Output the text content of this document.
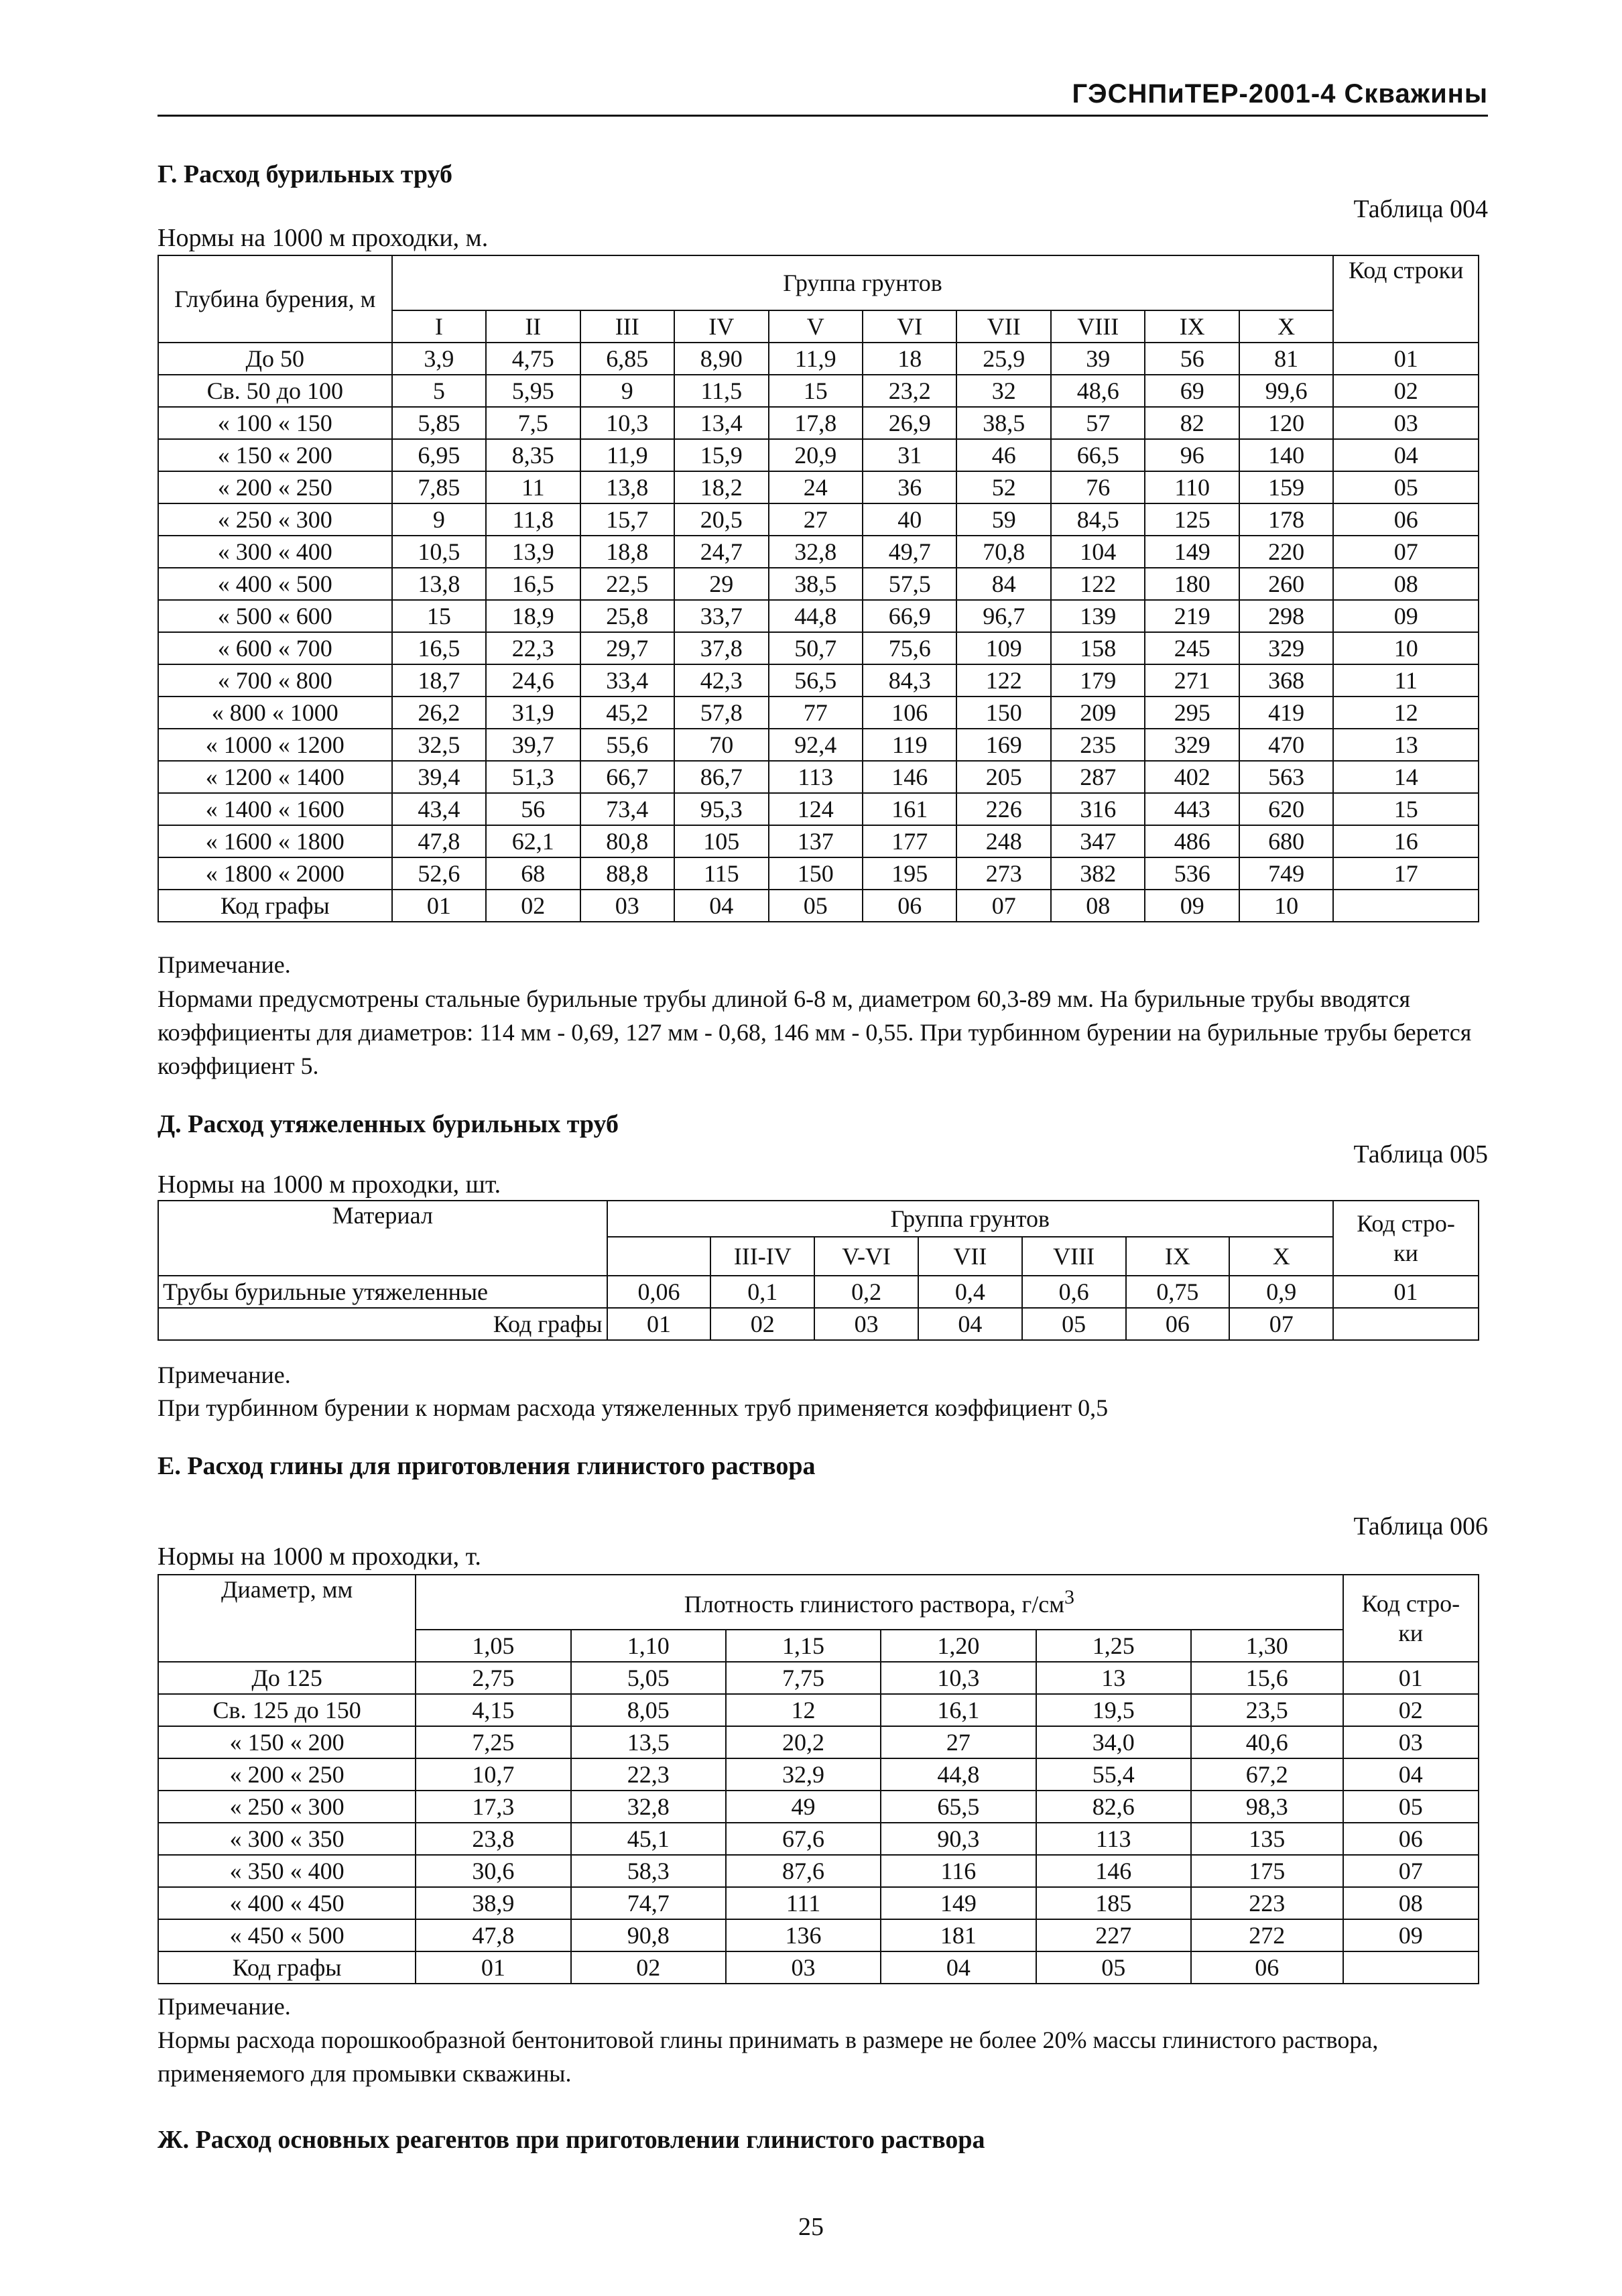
ГЭСНПиТЕР-2001-4 Скважины
Г. Расход бурильных труб
Таблица 004
Нормы на 1000 м проходки, м.
Глубина бурения, м	Группа грунтов										Код строки
	I	II	III	IV	V	VI	VII	VIII	IX	X	
До 50	3,9	4,75	6,85	8,90	11,9	18	25,9	39	56	81	01
Св. 50 до 100	5	5,95	9	11,5	15	23,2	32	48,6	69	99,6	02
« 100 « 150	5,85	7,5	10,3	13,4	17,8	26,9	38,5	57	82	120	03
« 150 « 200	6,95	8,35	11,9	15,9	20,9	31	46	66,5	96	140	04
« 200 « 250	7,85	11	13,8	18,2	24	36	52	76	110	159	05
« 250 « 300	9	11,8	15,7	20,5	27	40	59	84,5	125	178	06
« 300 « 400	10,5	13,9	18,8	24,7	32,8	49,7	70,8	104	149	220	07
« 400 « 500	13,8	16,5	22,5	29	38,5	57,5	84	122	180	260	08
« 500 « 600	15	18,9	25,8	33,7	44,8	66,9	96,7	139	219	298	09
« 600 « 700	16,5	22,3	29,7	37,8	50,7	75,6	109	158	245	329	10
« 700 « 800	18,7	24,6	33,4	42,3	56,5	84,3	122	179	271	368	11
« 800 « 1000	26,2	31,9	45,2	57,8	77	106	150	209	295	419	12
« 1000 « 1200	32,5	39,7	55,6	70	92,4	119	169	235	329	470	13
« 1200 « 1400	39,4	51,3	66,7	86,7	113	146	205	287	402	563	14
« 1400 « 1600	43,4	56	73,4	95,3	124	161	226	316	443	620	15
« 1600 « 1800	47,8	62,1	80,8	105	137	177	248	347	486	680	16
« 1800 « 2000	52,6	68	88,8	115	150	195	273	382	536	749	17
Код графы	01	02	03	04	05	06	07	08	09	10	
Примечание.
Нормами предусмотрены стальные бурильные трубы длиной 6-8 м, диаметром 60,3-89 мм. На бурильные трубы вводятся коэффициенты для диаметров: 114 мм - 0,69, 127 мм - 0,68, 146 мм - 0,55. При турбинном бурении на бурильные трубы берется коэффициент 5.
Д. Расход утяжеленных бурильных труб
Таблица 005
Нормы на 1000 м проходки, шт.
Материал	Группа грунтов							Код стро-
ки
		III-IV	V-VI	VII	VIII	IX	X	
Трубы бурильные утяжеленные	0,06	0,1	0,2	0,4	0,6	0,75	0,9	01
Код графы	01	02	03	04	05	06	07	
Примечание.
При турбинном бурении к нормам расхода утяжеленных труб применяется коэффициент 0,5
Е. Расход глины для приготовления глинистого раствора
Таблица 006
Нормы на 1000 м проходки, т.
Диаметр, мм	Плотность глинистого раствора, $г/см^3$						Код стро-
ки
	1,05	1,10	1,15	1,20	1,25	1,30	
До 125	2,75	5,05	7,75	10,3	13	15,6	01
Св. 125 до 150	4,15	8,05	12	16,1	19,5	23,5	02
« 150 « 200	7,25	13,5	20,2	27	34,0	40,6	03
« 200 « 250	10,7	22,3	32,9	44,8	55,4	67,2	04
« 250 « 300	17,3	32,8	49	65,5	82,6	98,3	05
« 300 « 350	23,8	45,1	67,6	90,3	113	135	06
« 350 « 400	30,6	58,3	87,6	116	146	175	07
« 400 « 450	38,9	74,7	111	149	185	223	08
« 450 « 500	47,8	90,8	136	181	227	272	09
Код графы	01	02	03	04	05	06	
Примечание.
Нормы расхода порошкообразной бентонитовой глины принимать в размере не более 20% массы глинистого раствора, применяемого для промывки скважины.
Ж. Расход основных реагентов при приготовлении глинистого раствора
25
